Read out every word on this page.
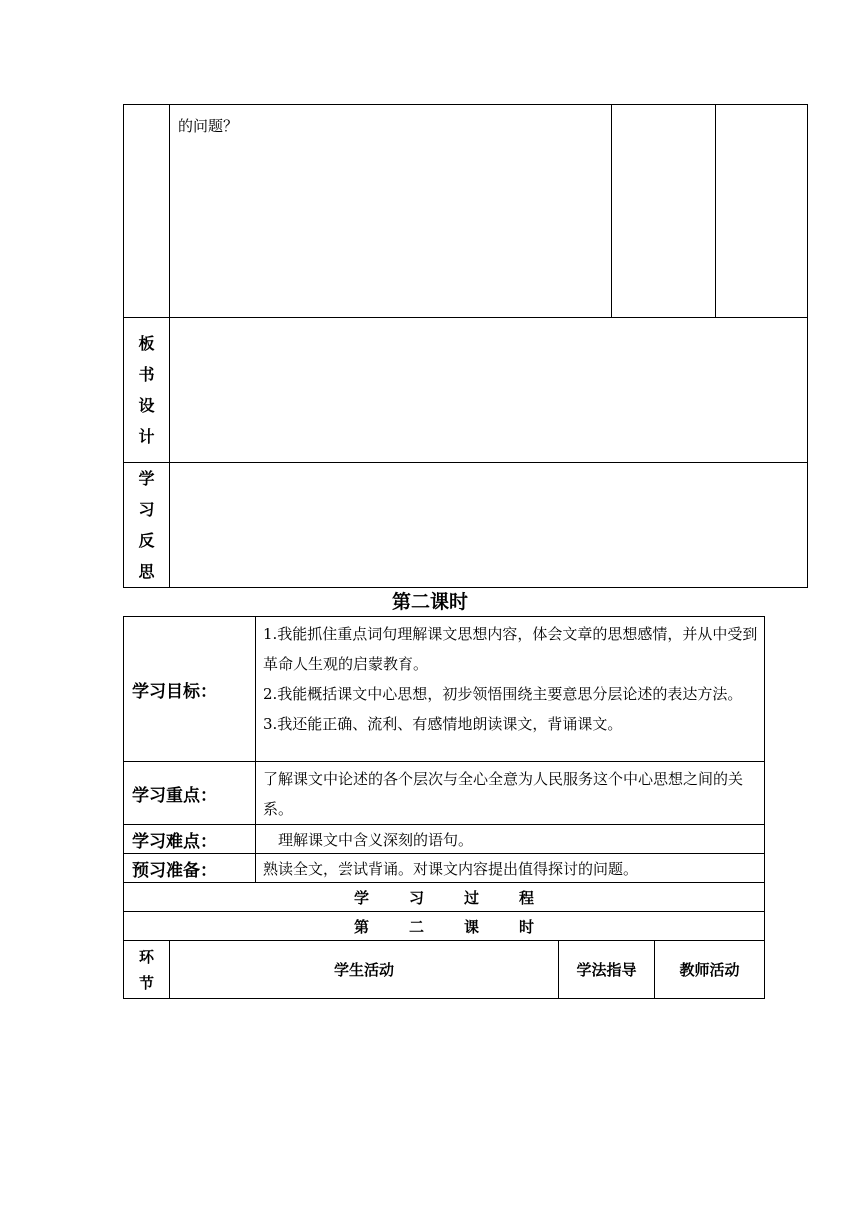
	的问题？		

板
书
设
计			

学
习
反
思			

第二课时
学习目标：		1.我能抓住重点词句理解课文思想内容，体会文章的思想感情，并从中受到革命人生观的启蒙教育。

2.我能概括课文中心思想，初步领悟围绕主要意思分层论述的表达方法。

3.我还能正确、流利、有感情地朗读课文，背诵课文。		

学习重点：		了解课文中论述的各个层次与全心全意为人民服务这个中心思想之间的关系。		
学习难点：		　理解课文中含义深刻的语句。		
预习准备：		熟读全文，尝试背诵。对课文内容提出值得探讨的问题。		
学习过程				
第二课时				

环
节	学生活动		学法指导	教师活动
